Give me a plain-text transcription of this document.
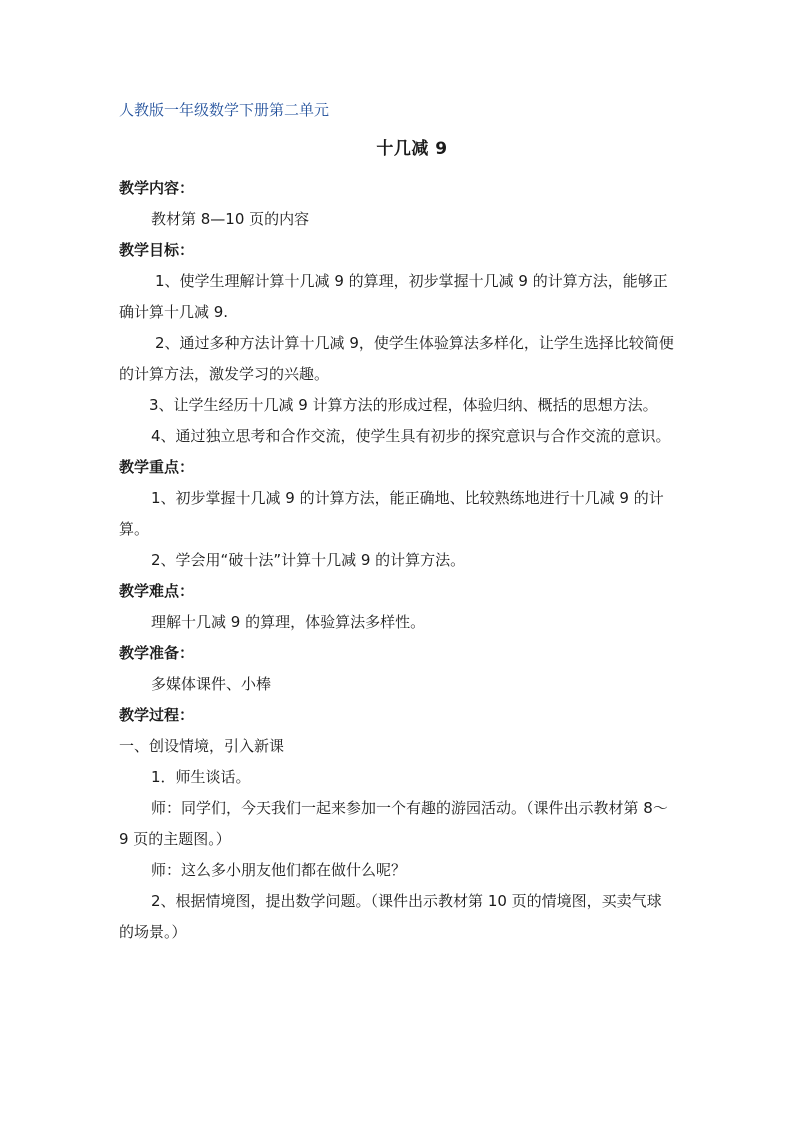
人教版一年级数学下册第二单元
十几减 9

教学内容：

教材第 8—10 页的内容

教学目标：

1、使学生理解计算十几减 9 的算理，初步掌握十几减 9 的计算方法，能够正确计算十几减 9.

2、通过多种方法计算十几减 9，使学生体验算法多样化，让学生选择比较简便的计算方法，激发学习的兴趣。

3、让学生经历十几减 9 计算方法的形成过程，体验归纳、概括的思想方法。

4、通过独立思考和合作交流，使学生具有初步的探究意识与合作交流的意识。

教学重点：

1、初步掌握十几减 9 的计算方法，能正确地、比较熟练地进行十几减 9 的计算。

2、学会用“破十法”计算十几减 9 的计算方法。

教学难点：

理解十几减 9 的算理，体验算法多样性。

教学准备：

多媒体课件、小棒

教学过程：

一、创设情境，引入新课

1．师生谈话。

师：同学们，今天我们一起来参加一个有趣的游园活动。（课件出示教材第 8～9 页的主题图。）

师：这么多小朋友他们都在做什么呢？

2、根据情境图，提出数学问题。（课件出示教材第 10 页的情境图，买卖气球的场景。）
